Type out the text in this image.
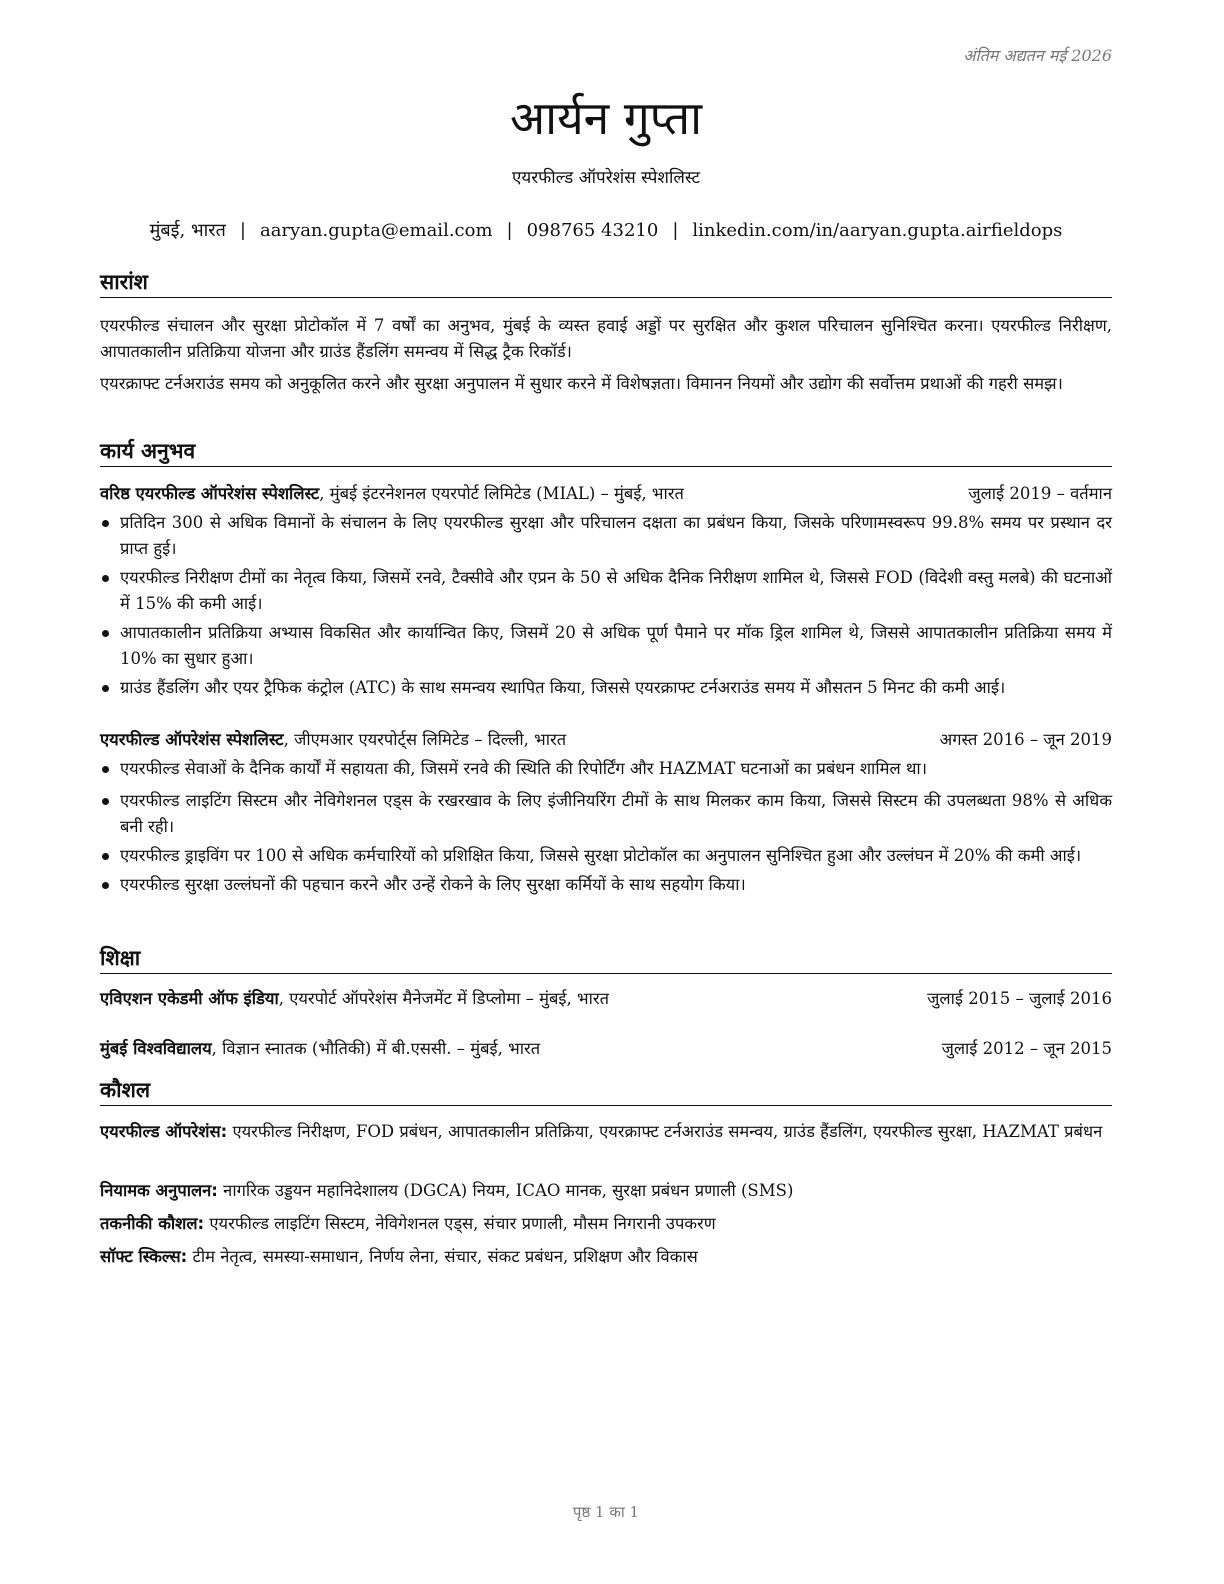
अंतिम अद्यतन मई 2026
आर्यन गुप्ता
एयरफील्ड ऑपरेशंस स्पेशलिस्ट
मुंबई, भारत | aaryan.gupta@email.com | 098765 43210 | linkedin.com/in/aaryan.gupta.airfieldops
सारांश
एयरफील्ड संचालन और सुरक्षा प्रोटोकॉल में 7 वर्षों का अनुभव, मुंबई के व्यस्त हवाई अड्डों पर सुरक्षित और कुशल परिचालन सुनिश्चित करना। एयरफील्ड निरीक्षण, आपातकालीन प्रतिक्रिया योजना और ग्राउंड हैंडलिंग समन्वय में सिद्ध ट्रैक रिकॉर्ड।
एयरक्राफ्ट टर्नअराउंड समय को अनुकूलित करने और सुरक्षा अनुपालन में सुधार करने में विशेषज्ञता। विमानन नियमों और उद्योग की सर्वोत्तम प्रथाओं की गहरी समझ।
कार्य अनुभव
वरिष्ठ एयरफील्ड ऑपरेशंस स्पेशलिस्ट, मुंबई इंटरनेशनल एयरपोर्ट लिमिटेड (MIAL) – मुंबई, भारत	जुलाई 2019 – वर्तमान
प्रतिदिन 300 से अधिक विमानों के संचालन के लिए एयरफील्ड सुरक्षा और परिचालन दक्षता का प्रबंधन किया, जिसके परिणामस्वरूप 99.8% समय पर प्रस्थान दर प्राप्त हुई।
एयरफील्ड निरीक्षण टीमों का नेतृत्व किया, जिसमें रनवे, टैक्सीवे और एप्रन के 50 से अधिक दैनिक निरीक्षण शामिल थे, जिससे FOD (विदेशी वस्तु मलबे) की घटनाओं में 15% की कमी आई।
आपातकालीन प्रतिक्रिया अभ्यास विकसित और कार्यान्वित किए, जिसमें 20 से अधिक पूर्ण पैमाने पर मॉक ड्रिल शामिल थे, जिससे आपातकालीन प्रतिक्रिया समय में 10% का सुधार हुआ।
ग्राउंड हैंडलिंग और एयर ट्रैफिक कंट्रोल (ATC) के साथ समन्वय स्थापित किया, जिससे एयरक्राफ्ट टर्नअराउंड समय में औसतन 5 मिनट की कमी आई।
एयरफील्ड ऑपरेशंस स्पेशलिस्ट, जीएमआर एयरपोर्ट्स लिमिटेड – दिल्ली, भारत	अगस्त 2016 – जून 2019
एयरफील्ड सेवाओं के दैनिक कार्यों में सहायता की, जिसमें रनवे की स्थिति की रिपोर्टिंग और HAZMAT घटनाओं का प्रबंधन शामिल था।
एयरफील्ड लाइटिंग सिस्टम और नेविगेशनल एड्स के रखरखाव के लिए इंजीनियरिंग टीमों के साथ मिलकर काम किया, जिससे सिस्टम की उपलब्धता 98% से अधिक बनी रही।
एयरफील्ड ड्राइविंग पर 100 से अधिक कर्मचारियों को प्रशिक्षित किया, जिससे सुरक्षा प्रोटोकॉल का अनुपालन सुनिश्चित हुआ और उल्लंघन में 20% की कमी आई।
एयरफील्ड सुरक्षा उल्लंघनों की पहचान करने और उन्हें रोकने के लिए सुरक्षा कर्मियों के साथ सहयोग किया।
शिक्षा
एविएशन एकेडमी ऑफ इंडिया, एयरपोर्ट ऑपरेशंस मैनेजमेंट में डिप्लोमा – मुंबई, भारत	जुलाई 2015 – जुलाई 2016
मुंबई विश्वविद्यालय, विज्ञान स्नातक (भौतिकी) में बी.एससी. – मुंबई, भारत	जुलाई 2012 – जून 2015
कौशल
एयरफील्ड ऑपरेशंस: एयरफील्ड निरीक्षण, FOD प्रबंधन, आपातकालीन प्रतिक्रिया, एयरक्राफ्ट टर्नअराउंड समन्वय, ग्राउंड हैंडलिंग, एयरफील्ड सुरक्षा, HAZMAT प्रबंधन
नियामक अनुपालन: नागरिक उड्डयन महानिदेशालय (DGCA) नियम, ICAO मानक, सुरक्षा प्रबंधन प्रणाली (SMS)
तकनीकी कौशल: एयरफील्ड लाइटिंग सिस्टम, नेविगेशनल एड्स, संचार प्रणाली, मौसम निगरानी उपकरण
सॉफ्ट स्किल्स: टीम नेतृत्व, समस्या-समाधान, निर्णय लेना, संचार, संकट प्रबंधन, प्रशिक्षण और विकास
पृष्ठ 1 का 1
